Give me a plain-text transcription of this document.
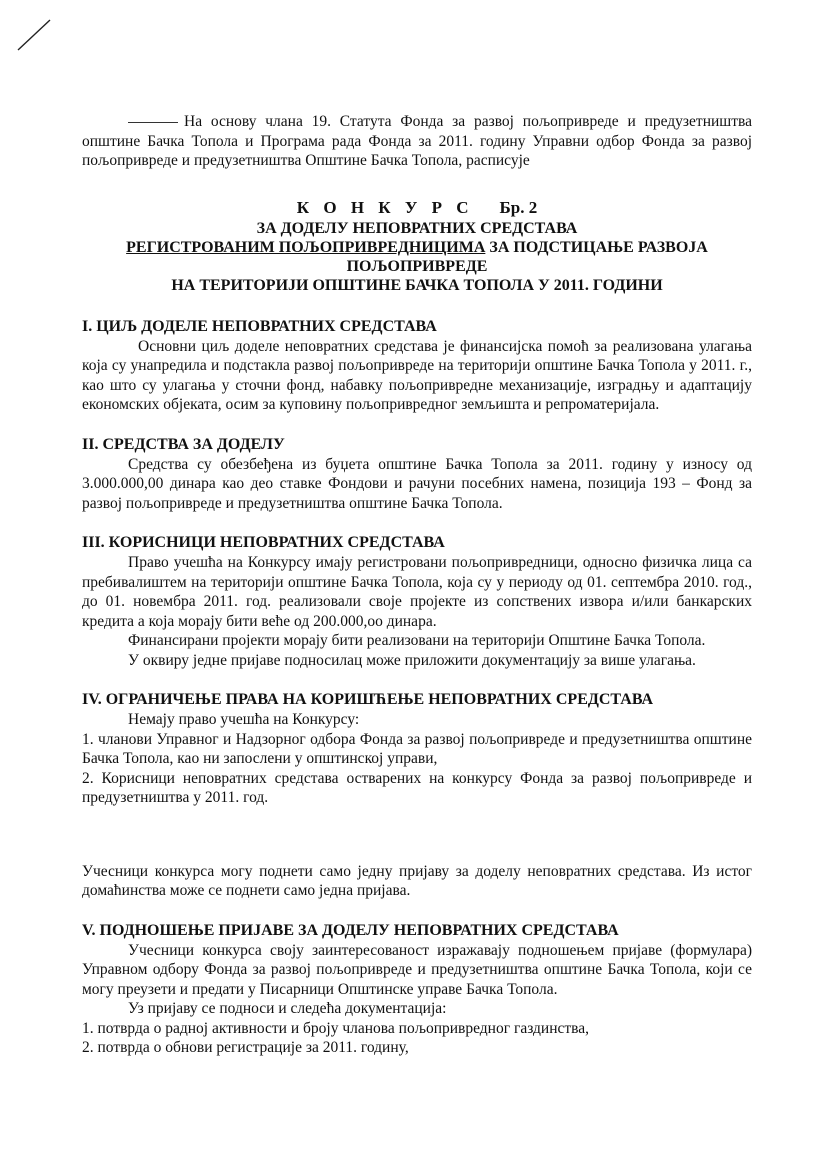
На основу члана 19. Статута Фонда за развој пољопривреде и предузетништва општине Бачка Топола и Програма рада Фонда за 2011. годину Управни одбор Фонда за развој пољопривреде и предузетништва Општине Бачка Топола, расписује

К О Н К У Р С Бр. 2
ЗА ДОДЕЛУ НЕПОВРАТНИХ СРЕДСТАВА
РЕГИСТРОВАНИМ ПОЉОПРИВРЕДНИЦИМА ЗА ПОДСТИЦАЊЕ РАЗВОЈА ПОЉОПРИВРЕДЕ
НА ТЕРИТОРИЈИ ОПШТИНЕ БАЧКА ТОПОЛА У 2011. ГОДИНИ
I. ЦИЉ ДОДЕЛЕ НЕПОВРАТНИХ СРЕДСТАВА

Основни циљ доделе неповратних средстава је финансијска помоћ за реализована улагања која су унапредила и подстакла развој пољопривреде на територији општине Бачка Топола у 2011. г., као што су улагања у сточни фонд, набавку пољопривредне механизације, изградњу и адаптацију економских објеката, осим за куповину пољопривредног земљишта и репроматеријала.

II. СРЕДСТВА ЗА ДОДЕЛУ

Средства су обезбеђена из буџета општине Бачка Топола за 2011. годину у износу од 3.000.000,00 динара као део ставке Фондови и рачуни посебних намена, позиција 193 – Фонд за развој пољопривреде и предузетништва општине Бачка Топола.

III. КОРИСНИЦИ НЕПОВРАТНИХ СРЕДСТАВА

Право учешћа на Конкурсу имају регистровани пољопривредници, односно физичка лица са пребивалиштем на територији општине Бачка Топола, која су у периоду од 01. септембра 2010. год., до 01. новембра 2011. год. реализовали своје пројекте из сопствених извора и/или банкарских кредита а која морају бити веће од 200.000,оо динара.

Финансирани пројекти морају бити реализовани на територији Општине Бачка Топола.

У оквиру једне пријаве подносилац може приложити документацију за више улагања.

IV. ОГРАНИЧЕЊЕ ПРАВА НА КОРИШЋЕЊЕ НЕПОВРАТНИХ СРЕДСТАВА

Немају право учешћа на Конкурсу:

1. чланови Управног и Надзорног одбора Фонда за развој пољопривреде и предузетништва општине Бачка Топола, као ни запослени у општинској управи,

2. Корисници неповратних средстава остварених на конкурсу Фонда за развој пољопривреде и предузетништва у 2011. год.

Учесници конкурса могу поднети само једну пријаву за доделу неповратних средстава. Из истог домаћинства може се поднети само једна пријава.

V. ПОДНОШЕЊЕ ПРИЈАВЕ ЗА ДОДЕЛУ НЕПОВРАТНИХ СРЕДСТАВА

Учесници конкурса своју заинтересованост изражавају подношењем пријаве (формулара) Управном одбору Фонда за развој пољопривреде и предузетништва општине Бачка Топола, који се могу преузети и предати у Писарници Општинске управе Бачка Топола.

Уз пријаву се подноси и следећа документација:

1. потврда о радној активности и броју чланова пољопривредног газдинства,

2. потврда о обнови регистрације за 2011. годину,
